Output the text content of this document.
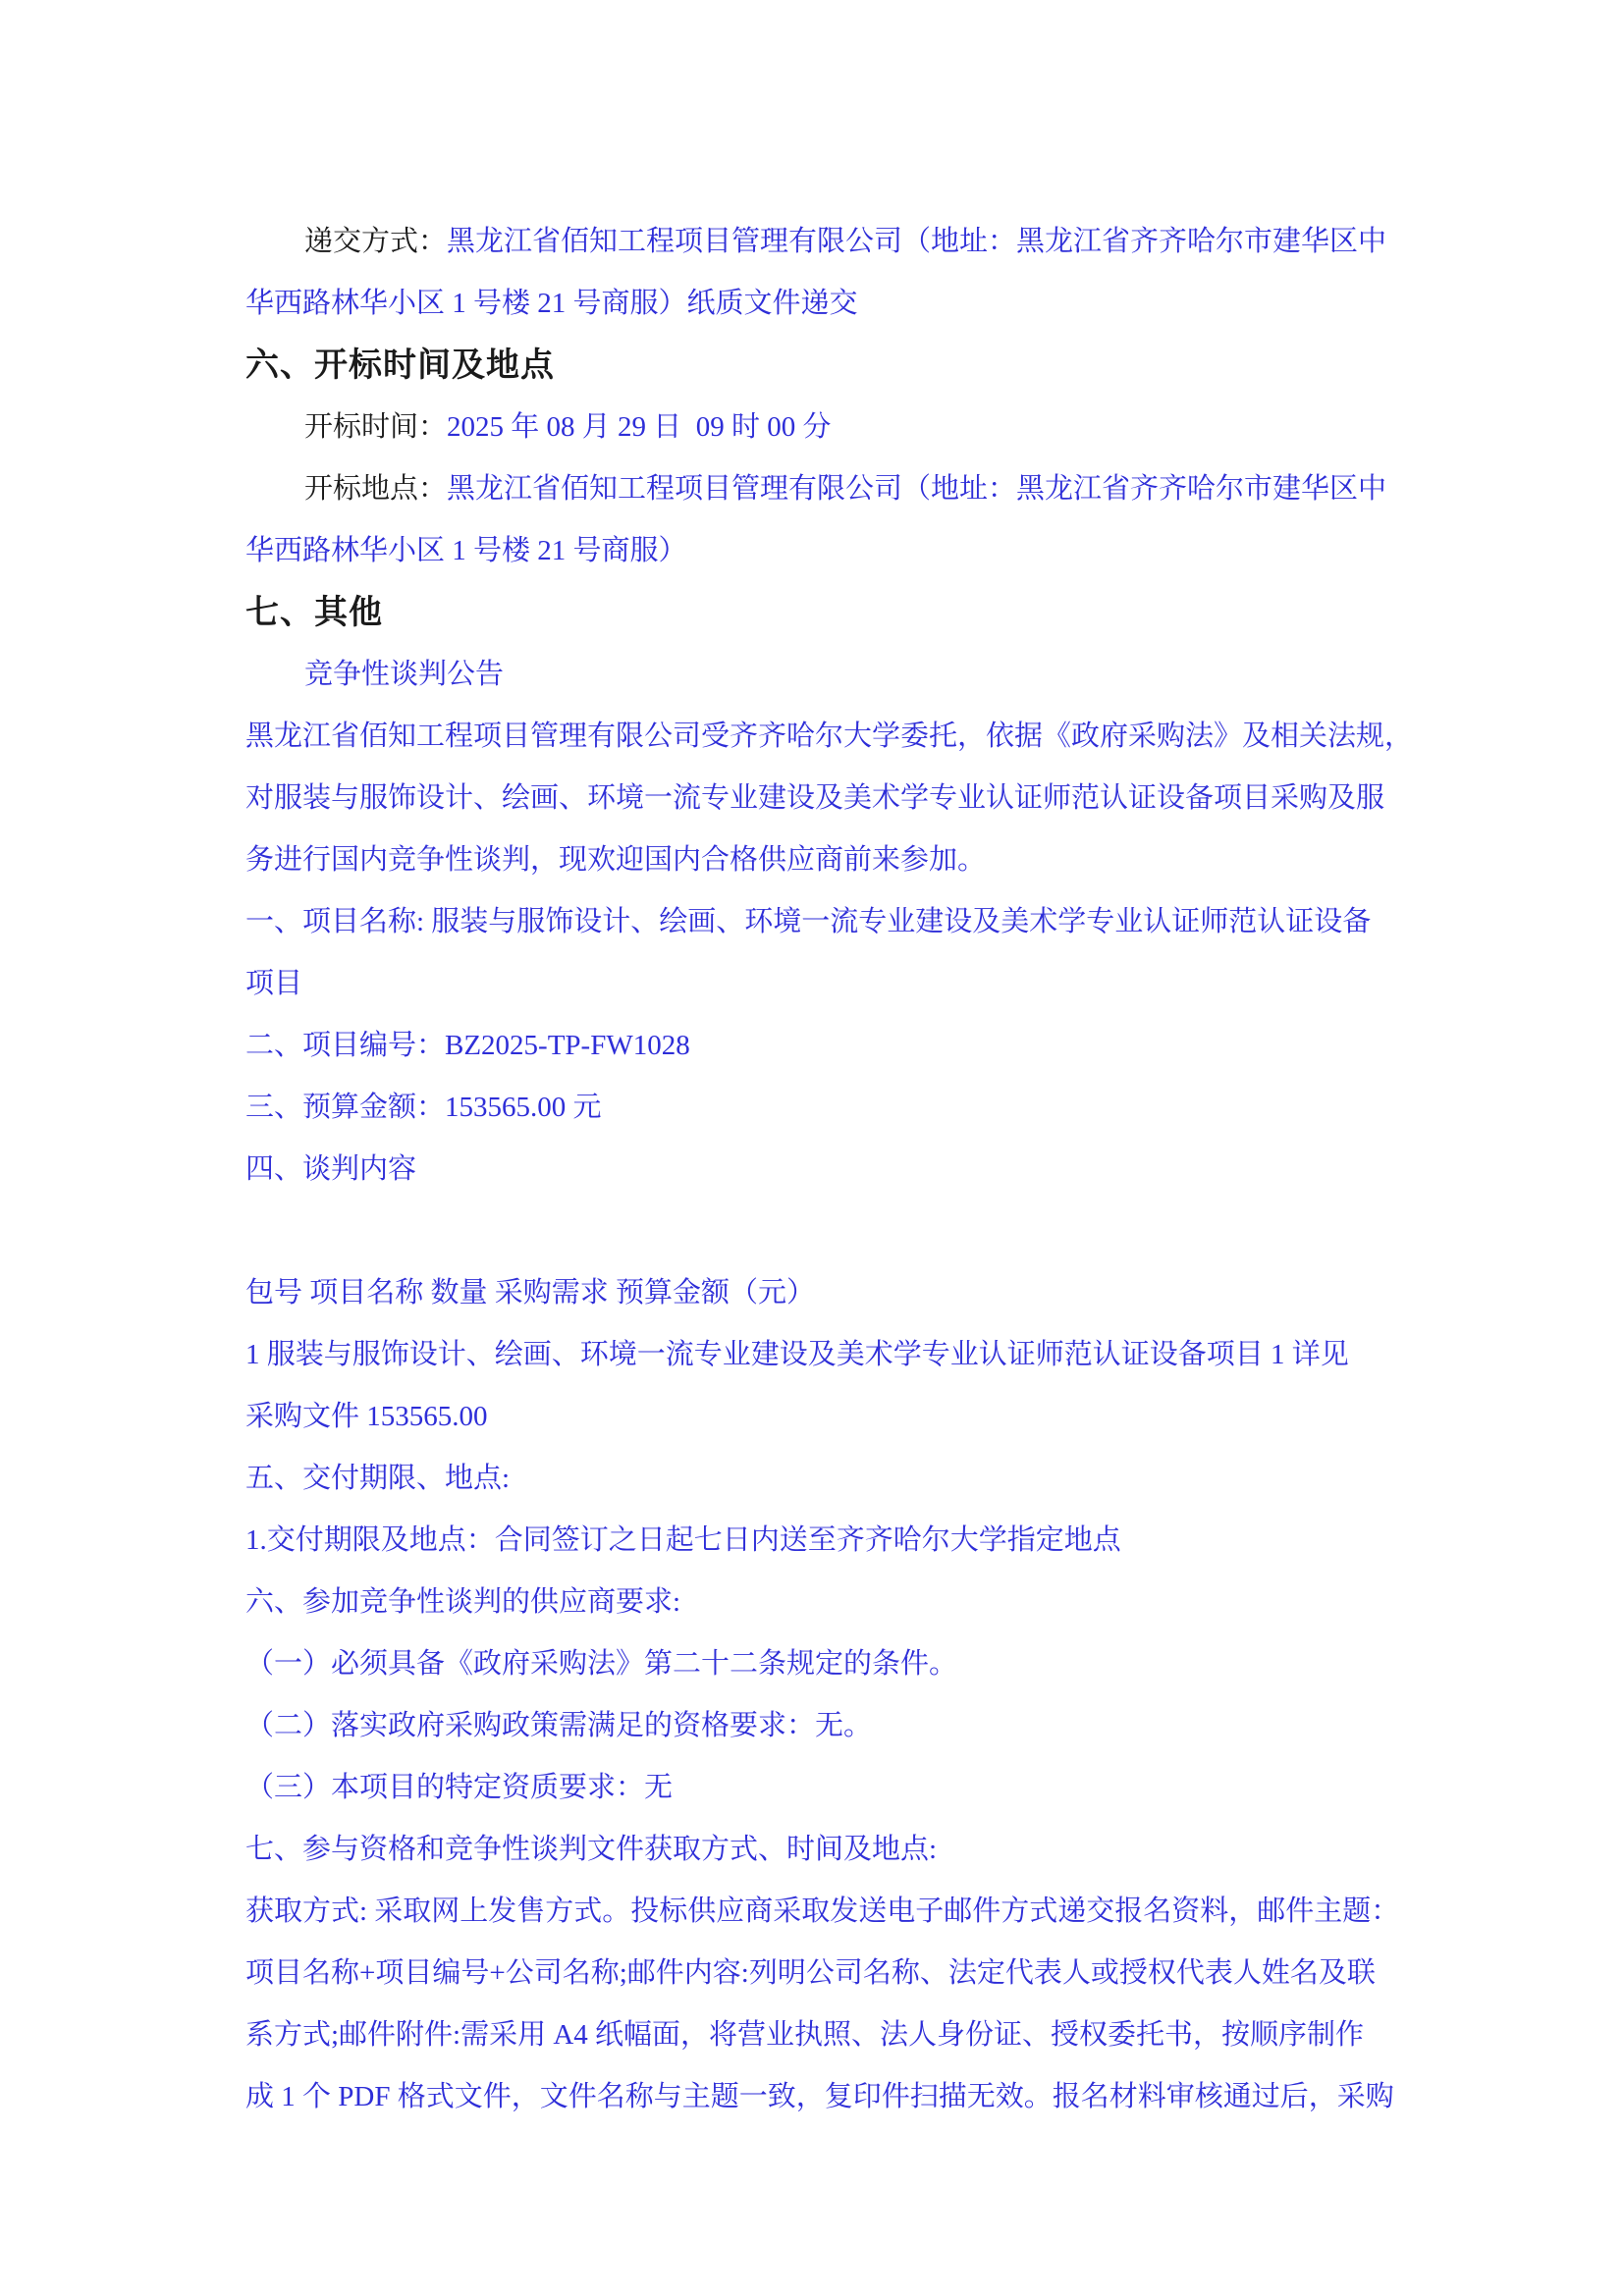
递交方式：黑龙江省佰知工程项目管理有限公司（地址：黑龙江省齐齐哈尔市建华区中
华西路林华小区 1 号楼 21 号商服）纸质文件递交
六、开标时间及地点
开标时间：2025 年 08 月 29 日  09 时 00 分
开标地点：黑龙江省佰知工程项目管理有限公司（地址：黑龙江省齐齐哈尔市建华区中
华西路林华小区 1 号楼 21 号商服）
七、其他
竞争性谈判公告
黑龙江省佰知工程项目管理有限公司受齐齐哈尔大学委托，依据《政府采购法》及相关法规，
对服装与服饰设计、绘画、环境一流专业建设及美术学专业认证师范认证设备项目采购及服
务进行国内竞争性谈判，现欢迎国内合格供应商前来参加。
一、项目名称: 服装与服饰设计、绘画、环境一流专业建设及美术学专业认证师范认证设备
项目
二、项目编号：BZ2025-TP-FW1028
三、预算金额：153565.00 元
四、谈判内容
包号 项目名称 数量 采购需求 预算金额（元）
1 服装与服饰设计、绘画、环境一流专业建设及美术学专业认证师范认证设备项目 1 详见
采购文件 153565.00
五、交付期限、地点:
1.交付期限及地点：合同签订之日起七日内送至齐齐哈尔大学指定地点
六、参加竞争性谈判的供应商要求:
（一）必须具备《政府采购法》第二十二条规定的条件。
（二）落实政府采购政策需满足的资格要求：无。
（三）本项目的特定资质要求：无
七、参与资格和竞争性谈判文件获取方式、时间及地点:
获取方式: 采取网上发售方式。投标供应商采取发送电子邮件方式递交报名资料，邮件主题：
项目名称+项目编号+公司名称;邮件内容:列明公司名称、法定代表人或授权代表人姓名及联
系方式;邮件附件:需采用 A4 纸幅面，将营业执照、法人身份证、授权委托书，按顺序制作
成 1 个 PDF 格式文件，文件名称与主题一致，复印件扫描无效。报名材料审核通过后，采购
